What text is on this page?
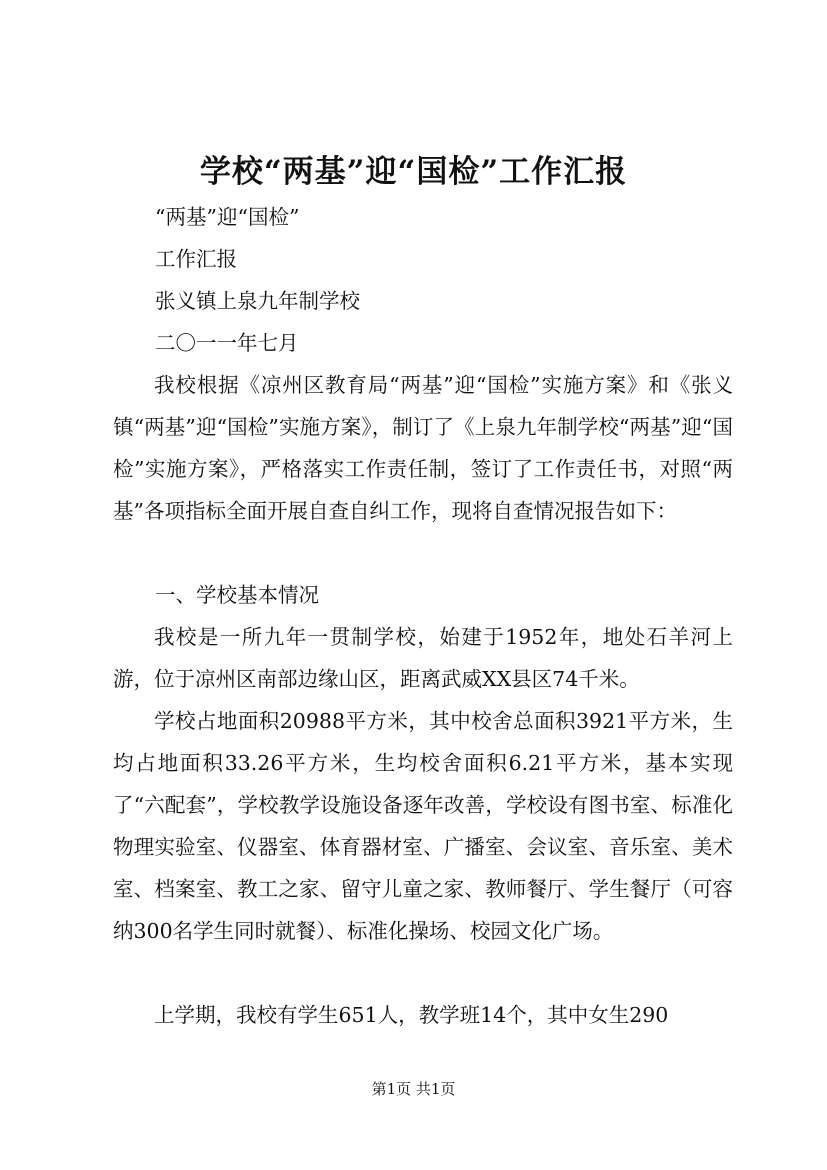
学校“两基”迎“国检”工作汇报
“两基”迎“国检”
工作汇报
张义镇上泉九年制学校
二〇一一年七月
我校根据《凉州区教育局“两基”迎“国检”实施方案》和《张义镇“两基”迎“国检”实施方案》，制订了《上泉九年制学校“两基”迎“国检”实施方案》，严格落实工作责任制，签订了工作责任书，对照“两基”各项指标全面开展自查自纠工作，现将自查情况报告如下：
一、学校基本情况
我校是一所九年一贯制学校，始建于1952年，地处石羊河上游，位于凉州区南部边缘山区，距离武威XX县区74千米。
学校占地面积20988平方米，其中校舍总面积3921平方米，生均占地面积33.26平方米，生均校舍面积6.21平方米，基本实现了“六配套”，学校教学设施设备逐年改善，学校设有图书室、标准化物理实验室、仪器室、体育器材室、广播室、会议室、音乐室、美术室、档案室、教工之家、留守儿童之家、教师餐厅、学生餐厅（可容纳300名学生同时就餐）、标准化操场、校园文化广场。
上学期，我校有学生651人，教学班14个，其中女生290
第1页 共1页
